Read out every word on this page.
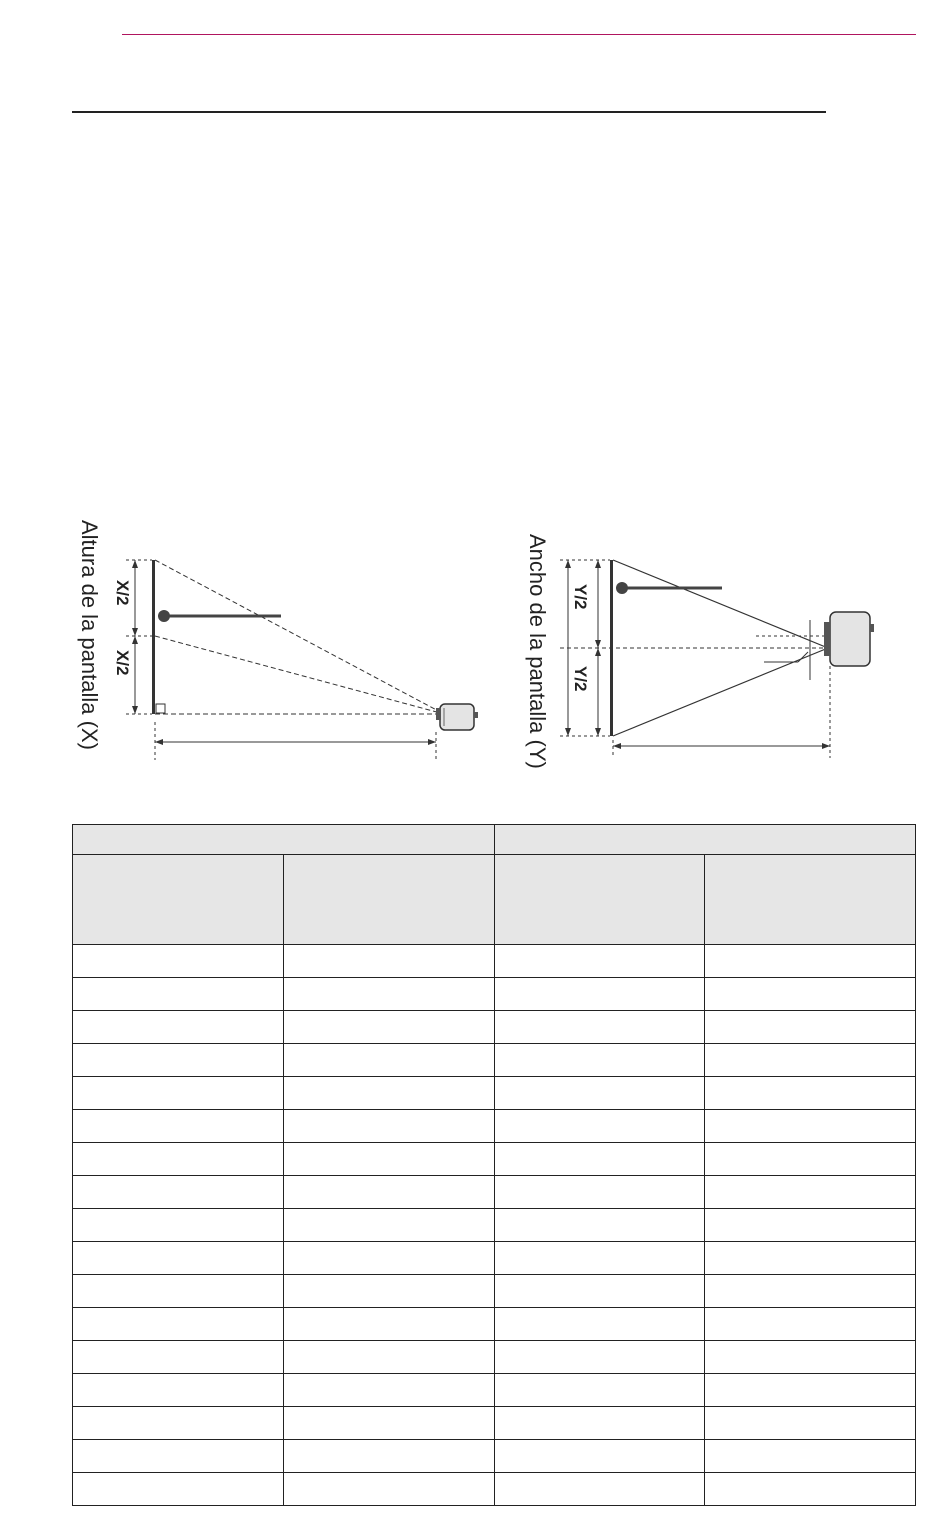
Altura de la pantalla (X) X/2
X/2	Ancho de la pantalla (Y) Y/2
Y/2
